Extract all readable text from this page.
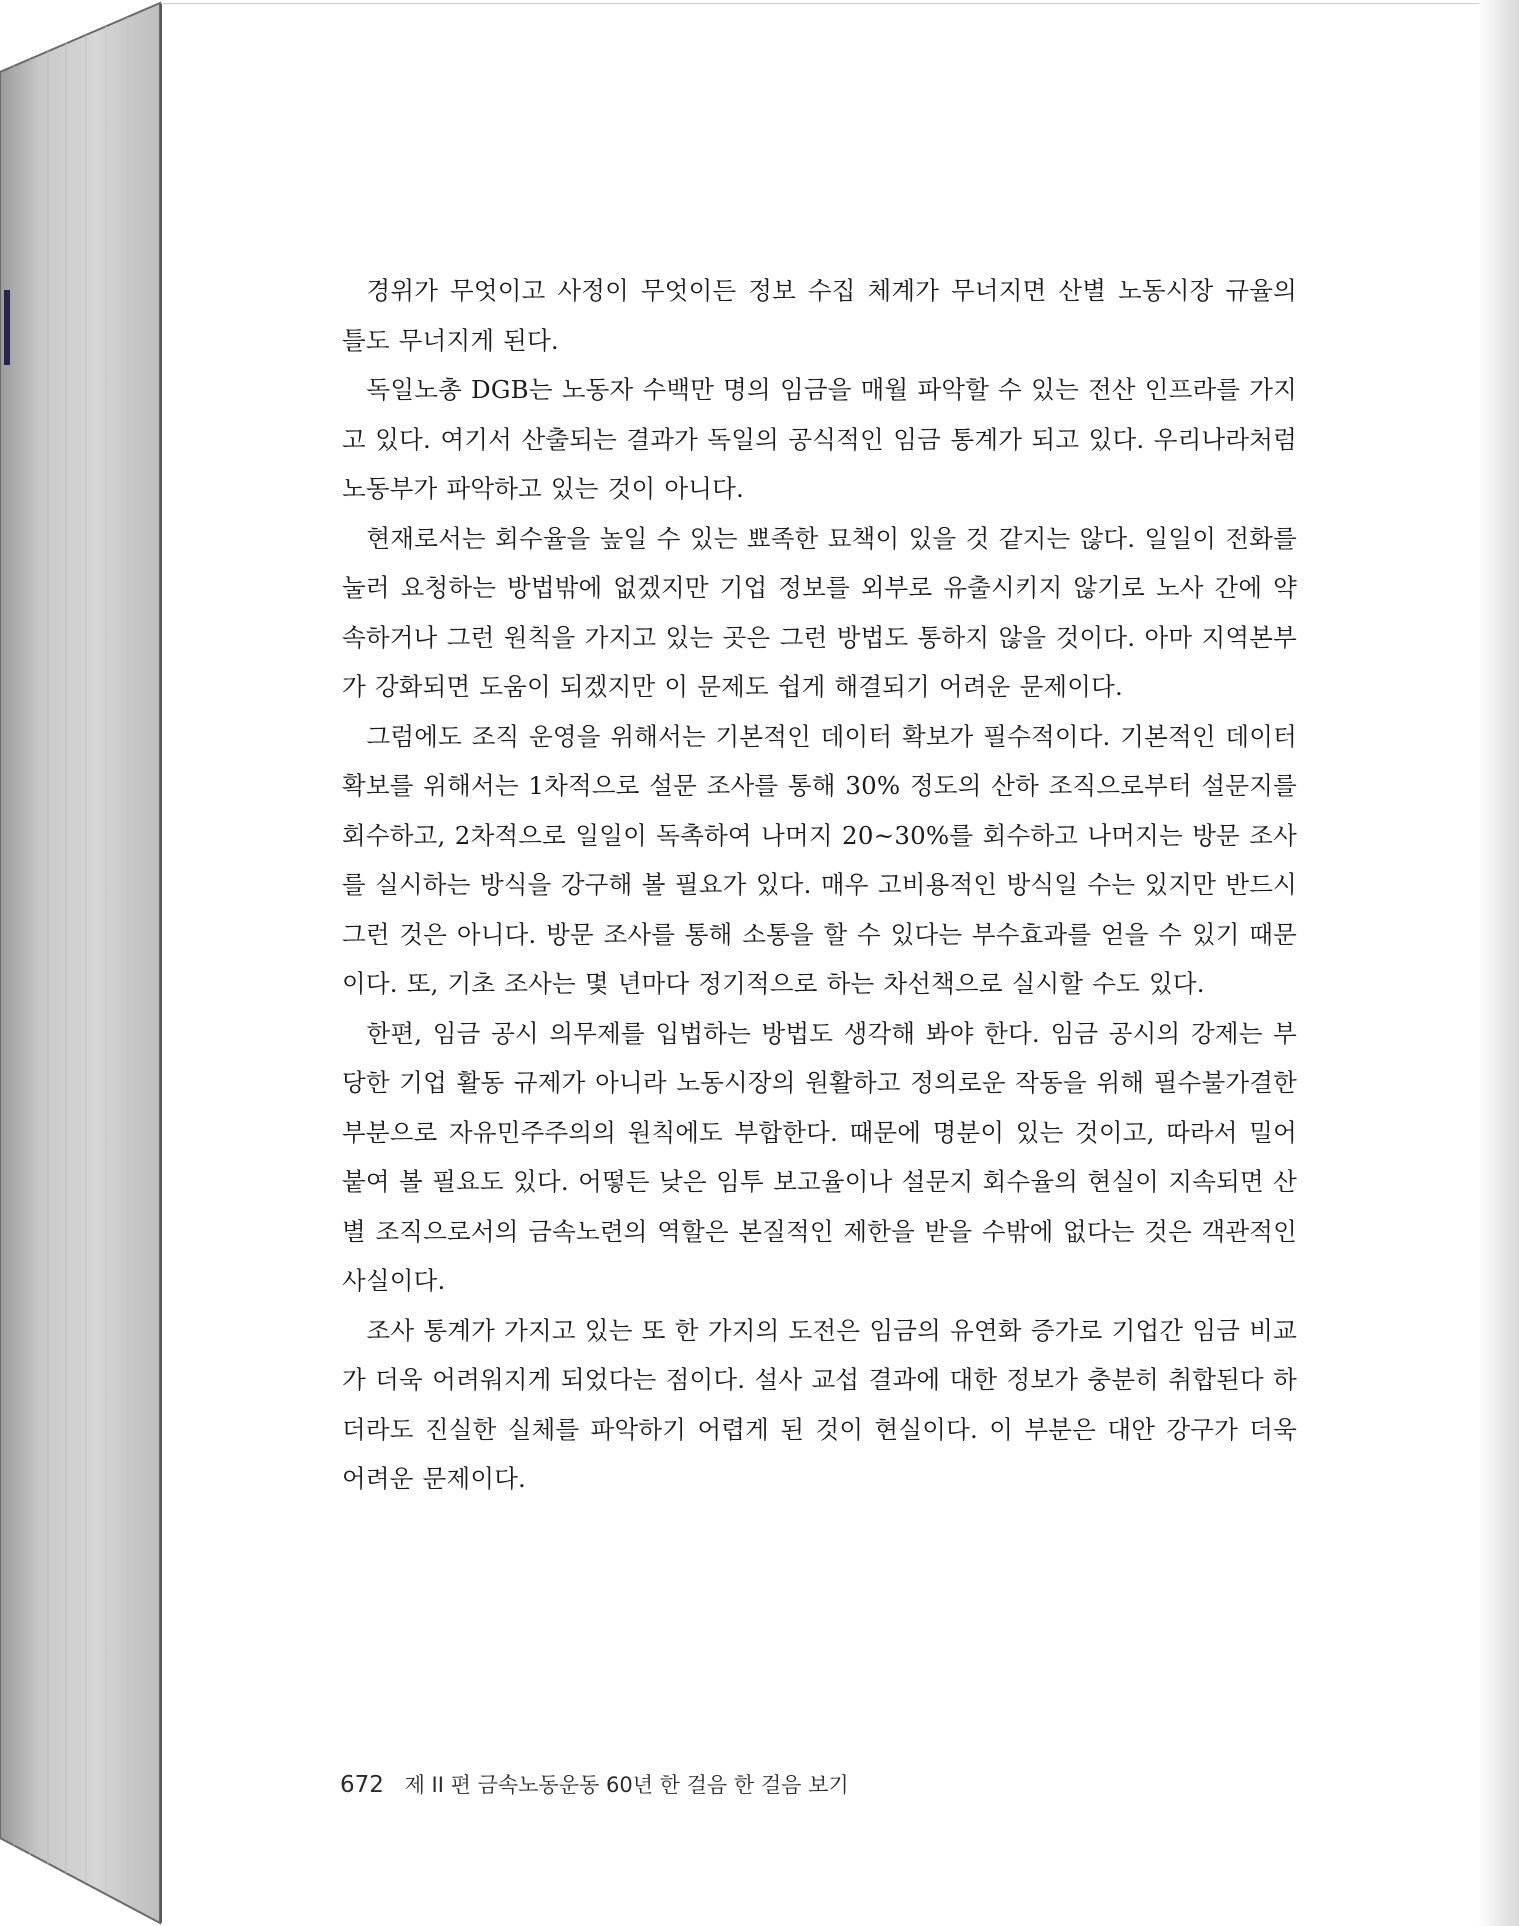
경위가 무엇이고 사정이 무엇이든 정보 수집 체계가 무너지면 산별 노동시장 규율의 틀도 무너지게 된다.

독일노총 DGB는 노동자 수백만 명의 임금을 매월 파악할 수 있는 전산 인프라를 가지고 있다. 여기서 산출되는 결과가 독일의 공식적인 임금 통계가 되고 있다. 우리나라처럼 노동부가 파악하고 있는 것이 아니다.

현재로서는 회수율을 높일 수 있는 뾰족한 묘책이 있을 것 같지는 않다. 일일이 전화를 눌러 요청하는 방법밖에 없겠지만 기업 정보를 외부로 유출시키지 않기로 노사 간에 약속하거나 그런 원칙을 가지고 있는 곳은 그런 방법도 통하지 않을 것이다. 아마 지역본부가 강화되면 도움이 되겠지만 이 문제도 쉽게 해결되기 어려운 문제이다.

그럼에도 조직 운영을 위해서는 기본적인 데이터 확보가 필수적이다. 기본적인 데이터 확보를 위해서는 1차적으로 설문 조사를 통해 30% 정도의 산하 조직으로부터 설문지를 회수하고, 2차적으로 일일이 독촉하여 나머지 20~30%를 회수하고 나머지는 방문 조사를 실시하는 방식을 강구해 볼 필요가 있다. 매우 고비용적인 방식일 수는 있지만 반드시 그런 것은 아니다. 방문 조사를 통해 소통을 할 수 있다는 부수효과를 얻을 수 있기 때문이다. 또, 기초 조사는 몇 년마다 정기적으로 하는 차선책으로 실시할 수도 있다.

한편, 임금 공시 의무제를 입법하는 방법도 생각해 봐야 한다. 임금 공시의 강제는 부당한 기업 활동 규제가 아니라 노동시장의 원활하고 정의로운 작동을 위해 필수불가결한 부분으로 자유민주주의의 원칙에도 부합한다. 때문에 명분이 있는 것이고, 따라서 밀어붙여 볼 필요도 있다. 어떻든 낮은 임투 보고율이나 설문지 회수율의 현실이 지속되면 산별 조직으로서의 금속노련의 역할은 본질적인 제한을 받을 수밖에 없다는 것은 객관적인 사실이다.

조사 통계가 가지고 있는 또 한 가지의 도전은 임금의 유연화 증가로 기업간 임금 비교가 더욱 어려워지게 되었다는 점이다. 설사 교섭 결과에 대한 정보가 충분히 취합된다 하더라도 진실한 실체를 파악하기 어렵게 된 것이 현실이다. 이 부분은 대안 강구가 더욱 어려운 문제이다.

672 제 II 편 금속노동운동 60년 한 걸음 한 걸음 보기
